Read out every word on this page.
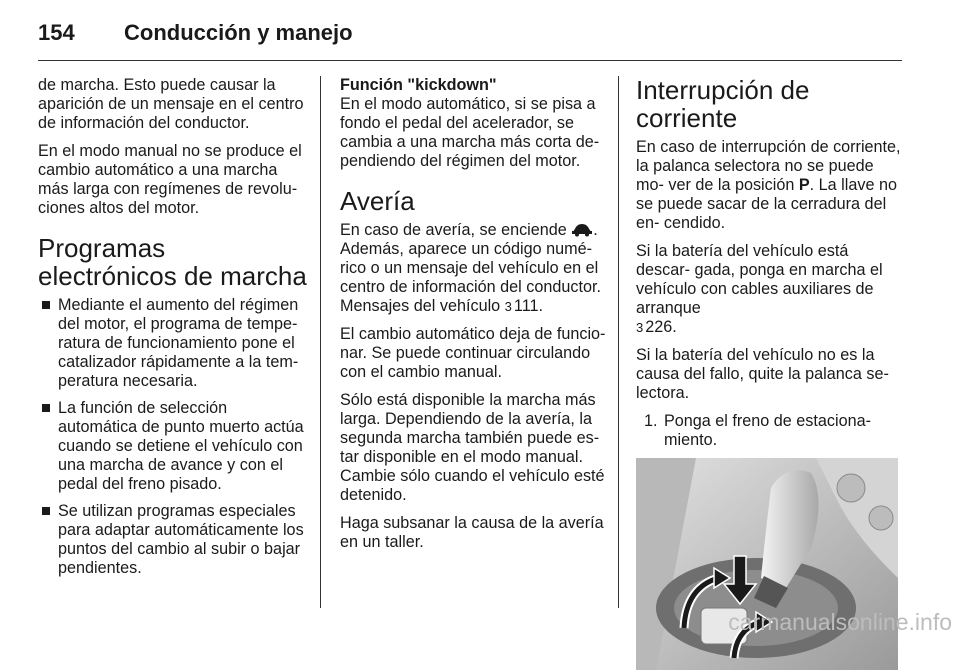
154 Conducción y manejo

de marcha. Esto puede causar la aparición de un mensaje en el centro de información del conductor.

En el modo manual no se produce el cambio automático a una marcha más larga con regímenes de revolu- ciones altos del motor.

Programas electrónicos de marcha
Mediante el aumento del régimen del motor, el programa de tempe- ratura de funcionamiento pone el catalizador rápidamente a la tem- peratura necesaria.
La función de selección automática de punto muerto actúa cuando se detiene el vehículo con una marcha de avance y con el pedal del freno pisado.
Se utilizan programas especiales para adaptar automáticamente los puntos del cambio al subir o bajar pendientes.
Función "kickdown"

En el modo automático, si se pisa a fondo el pedal del acelerador, se cambia a una marcha más corta de- pendiendo del régimen del motor.

Avería

En caso de avería, se enciende . Además, aparece un código numé- rico o un mensaje del vehículo en el centro de información del conductor. Mensajes del vehículo 3 111.

El cambio automático deja de funcio- nar. Se puede continuar circulando con el cambio manual.

Sólo está disponible la marcha más larga. Dependiendo de la avería, la segunda marcha también puede es- tar disponible en el modo manual. Cambie sólo cuando el vehículo esté detenido.

Haga subsanar la causa de la avería en un taller.

Interrupción de corriente

En caso de interrupción de corriente, la palanca selectora no se puede mo- ver de la posición P. La llave no se puede sacar de la cerradura del en- cendido.

Si la batería del vehículo está descar- gada, ponga en marcha el vehículo con cables auxiliares de arranque
3 226.

Si la batería del vehículo no es la causa del fallo, quite la palanca se- lectora.

1. Ponga el freno de estaciona- miento.
carmanualsonline.info
